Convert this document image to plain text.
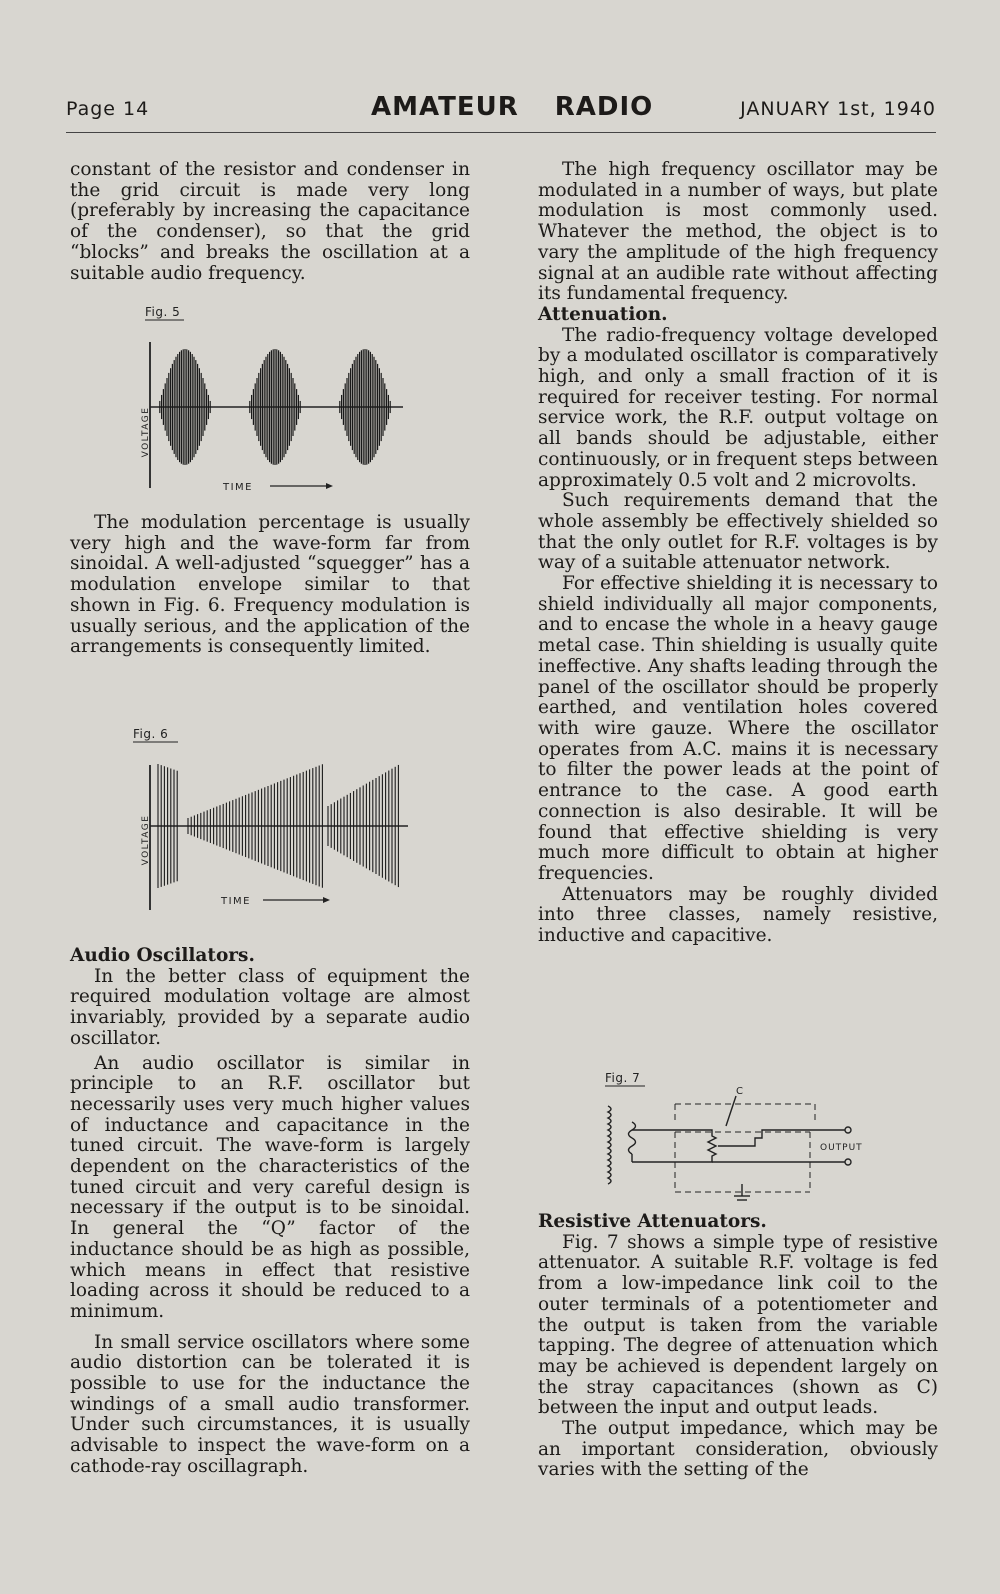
Page 14	AMATEUR RADIO	JANUARY 1st, 1940

constant of the resistor and condenser in the grid circuit is made very long (preferably by increasing the capacitance of the condenser), so that the grid “blocks” and breaks the oscillation at a suitable audio frequency.

Fig. 5
VOLTAGE
TIME

The modulation percentage is usually very high and the wave-form far from sinoidal. A well-adjusted “squegger” has a modulation envelope similar to that shown in Fig. 6. Frequency modulation is usually serious, and the application of the arrangements is consequently limited.

Fig. 6
VOLTAGE
TIME
Audio Oscillators.

In the better class of equipment the required modulation voltage are almost invariably, provided by a separate audio oscillator.

An audio oscillator is similar in principle to an R.F. oscillator but necessarily uses very much higher values of inductance and capacitance in the tuned circuit. The wave-form is largely dependent on the characteristics of the tuned circuit and very careful design is necessary if the output is to be sinoidal. In general the “Q” factor of the inductance should be as high as possible, which means in effect that resistive loading across it should be reduced to a minimum.

In small service oscillators where some audio distortion can be tolerated it is possible to use for the inductance the windings of a small audio transformer. Under such circumstances, it is usually advisable to inspect the wave-form on a cathode-ray oscillagraph.

The high frequency oscillator may be modulated in a number of ways, but plate modulation is most commonly used. Whatever the method, the object is to vary the amplitude of the high frequency signal at an audible rate without affecting its fundamental frequency.

Attenuation.

The radio-frequency voltage developed by a modulated oscillator is comparatively high, and only a small fraction of it is required for receiver testing. For normal service work, the R.F. output voltage on all bands should be adjustable, either continuously, or in frequent steps between approximately 0.5 volt and 2 microvolts.

Such requirements demand that the whole assembly be effectively shielded so that the only outlet for R.F. voltages is by way of a suitable attenuator network.

For effective shielding it is necessary to shield individually all major components, and to encase the whole in a heavy gauge metal case. Thin shielding is usually quite ineffective. Any shafts leading through the panel of the oscillator should be properly earthed, and ventilation holes covered with wire gauze. Where the oscillator operates from A.C. mains it is necessary to filter the power leads at the point of entrance to the case. A good earth connection is also desirable. It will be found that effective shielding is very much more difficult to obtain at higher frequencies.

Attenuators may be roughly divided into three classes, namely resistive, inductive and capacitive.

Fig. 7
C
OUTPUT
Resistive Attenuators.

Fig. 7 shows a simple type of resistive attenuator. A suitable R.F. voltage is fed from a low-impedance link coil to the outer terminals of a potentiometer and the output is taken from the variable tapping. The degree of attenuation which may be achieved is dependent largely on the stray capacitances (shown as C) between the input and output leads.

The output impedance, which may be an important consideration, obviously varies with the setting of the
